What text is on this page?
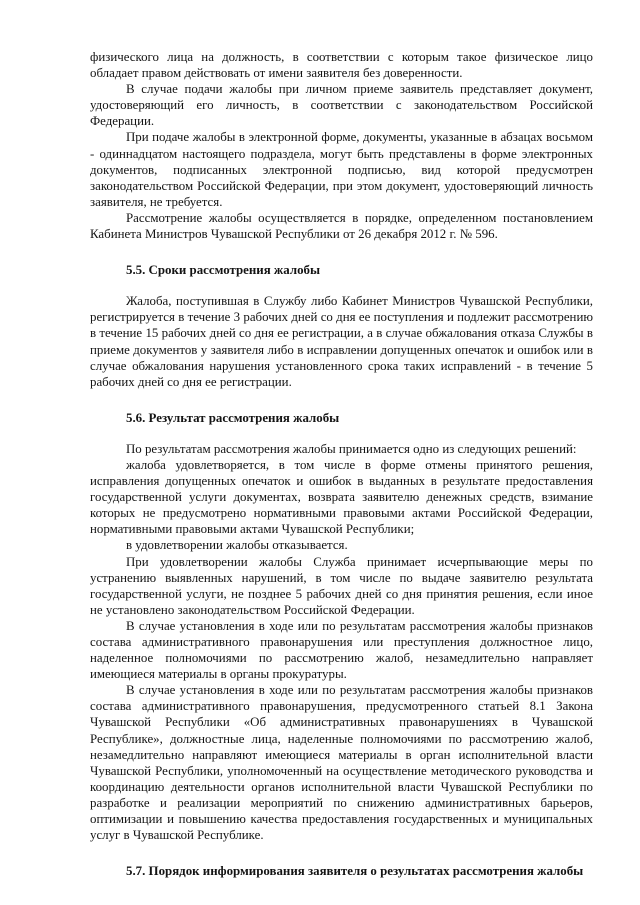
физического лица на должность, в соответствии с которым такое физическое лицо обладает правом действовать от имени заявителя без доверенности.

В случае подачи жалобы при личном приеме заявитель представляет документ, удостоверяющий его личность, в соответствии с законодательством Российской Федерации.

При подаче жалобы в электронной форме, документы, указанные в абзацах восьмом - одиннадцатом настоящего подраздела, могут быть представлены в форме электронных документов, подписанных электронной подписью, вид которой предусмотрен законодательством Российской Федерации, при этом документ, удостоверяющий личность заявителя, не требуется.

Рассмотрение жалобы осуществляется в порядке, определенном постановлением Кабинета Министров Чувашской Республики от 26 декабря 2012 г. № 596.

5.5. Сроки рассмотрения жалобы

Жалоба, поступившая в Службу либо Кабинет Министров Чувашской Республики, регистрируется в течение 3 рабочих дней со дня ее поступления и подлежит рассмотрению в течение 15 рабочих дней со дня ее регистрации, а в случае обжалования отказа Службы в приеме документов у заявителя либо в исправлении допущенных опечаток и ошибок или в случае обжалования нарушения установленного срока таких исправлений - в течение 5 рабочих дней со дня ее регистрации.

5.6. Результат рассмотрения жалобы

По результатам рассмотрения жалобы принимается одно из следующих решений:

жалоба удовлетворяется, в том числе в форме отмены принятого решения, исправления допущенных опечаток и ошибок в выданных в результате предоставления государственной услуги документах, возврата заявителю денежных средств, взимание которых не предусмотрено нормативными правовыми актами Российской Федерации, нормативными правовыми актами Чувашской Республики;

в удовлетворении жалобы отказывается.

При удовлетворении жалобы Служба принимает исчерпывающие меры по устранению выявленных нарушений, в том числе по выдаче заявителю результата государственной услуги, не позднее 5 рабочих дней со дня принятия решения, если иное не установлено законодательством Российской Федерации.

В случае установления в ходе или по результатам рассмотрения жалобы признаков состава административного правонарушения или преступления должностное лицо, наделенное полномочиями по рассмотрению жалоб, незамедлительно направляет имеющиеся материалы в органы прокуратуры.

В случае установления в ходе или по результатам рассмотрения жалобы признаков состава административного правонарушения, предусмотренного статьей 8.1 Закона Чувашской Республики «Об административных правонарушениях в Чувашской Республике», должностные лица, наделенные полномочиями по рассмотрению жалоб, незамедлительно направляют имеющиеся материалы в орган исполнительной власти Чувашской Республики, уполномоченный на осуществление методического руководства и координацию деятельности органов исполнительной власти Чувашской Республики по разработке и реализации мероприятий по снижению административных барьеров, оптимизации и повышению качества предоставления государственных и муниципальных услуг в Чувашской Республике.

5.7. Порядок информирования заявителя о результатах рассмотрения жалобы
